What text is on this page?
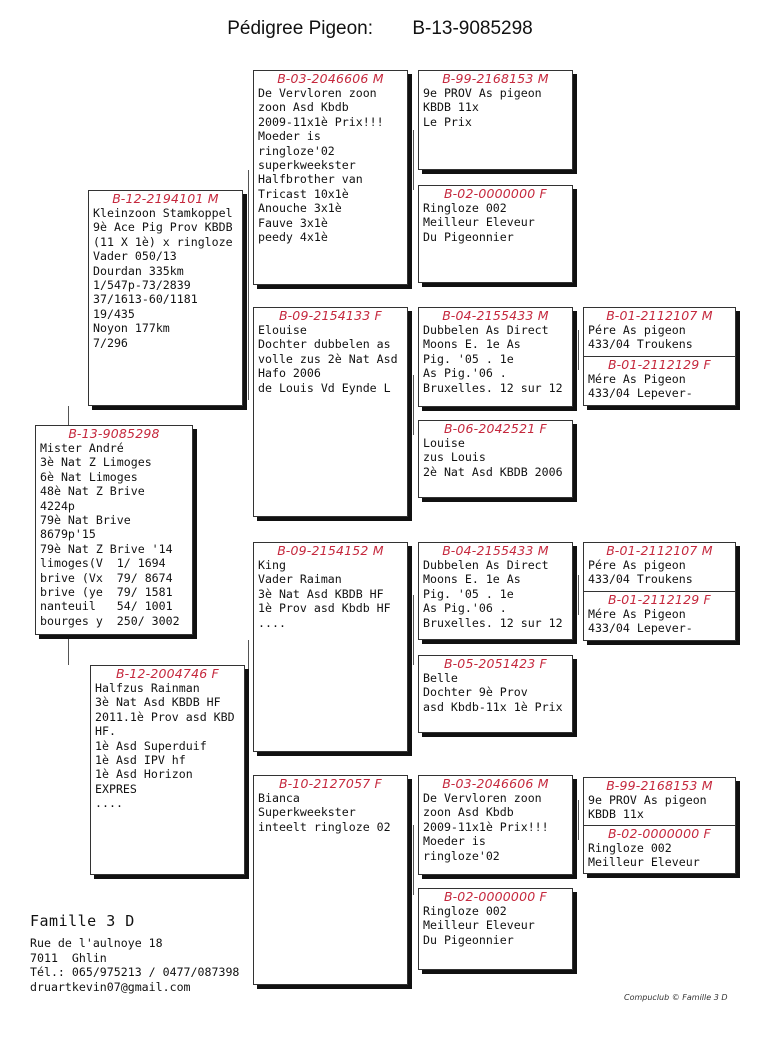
Pédigree Pigeon: B-13-9085298
B-13-9085298
Mister André
3è Nat Z Limoges
6è Nat Limoges
48è Nat Z Brive
4224p
79è Nat Brive
8679p'15
79è Nat Z Brive '14
limoges(V  1/ 1694
brive (Vx  79/ 8674
brive (ye  79/ 1581
nanteuil   54/ 1001
bourges y  250/ 3002
B-12-2194101 M
Kleinzoon Stamkoppel
9è Ace Pig Prov KBDB
(11 X 1è) x ringloze
Vader 050/13
Dourdan 335km
1/547p-73/2839
37/1613-60/1181
19/435
Noyon 177km
7/296
B-12-2004746 F
Halfzus Rainman
3è Nat Asd KBDB HF
2011.1è Prov asd KBD
HF.
1è Asd Superduif
1è Asd IPV hf
1è Asd Horizon
EXPRES
....
B-03-2046606 M
De Vervloren zoon
zoon Asd Kbdb
2009-11x1è Prix!!!
Moeder is
ringloze'02
superkweekster
Halfbrother van
Tricast 10x1è
Anouche 3x1è
Fauve 3x1è
peedy 4x1è
B-09-2154133 F
Elouise
Dochter dubbelen as
volle zus 2è Nat Asd
Hafo 2006
de Louis Vd Eynde L
B-09-2154152 M
King
Vader Raiman
3è Nat Asd KBDB HF
1è Prov asd Kbdb HF
....
B-10-2127057 F
Bianca
Superkweekster
inteelt ringloze 02
B-99-2168153 M
9e PROV As pigeon
KBDB 11x
Le Prix
B-02-0000000 F
Ringloze 002
Meilleur Eleveur
Du Pigeonnier
B-04-2155433 M
Dubbelen As Direct
Moons E. 1e As
Pig. '05 . 1e
As Pig.'06 .
Bruxelles. 12 sur 12
B-06-2042521 F
Louise
zus Louis
2è Nat Asd KBDB 2006
B-04-2155433 M
Dubbelen As Direct
Moons E. 1e As
Pig. '05 . 1e
As Pig.'06 .
Bruxelles. 12 sur 12
B-05-2051423 F
Belle
Dochter 9è Prov
asd Kbdb-11x 1è Prix
B-03-2046606 M
De Vervloren zoon
zoon Asd Kbdb
2009-11x1è Prix!!!
Moeder is
ringloze'02
B-02-0000000 F
Ringloze 002
Meilleur Eleveur
Du Pigeonnier
B-01-2112107 M
Pére As pigeon
433/04 Troukens
B-01-2112129 F
Mére As Pigeon
433/04 Lepever-
B-01-2112107 M
Pére As pigeon
433/04 Troukens
B-01-2112129 F
Mére As Pigeon
433/04 Lepever-
B-99-2168153 M
9e PROV As pigeon
KBDB 11x
B-02-0000000 F
Ringloze 002
Meilleur Eleveur
Famille 3 D
Rue de l'aulnoye 18
7011  Ghlin
Tél.: 065/975213 / 0477/087398
druartkevin07@gmail.com
Compuclub © Famille 3 D
